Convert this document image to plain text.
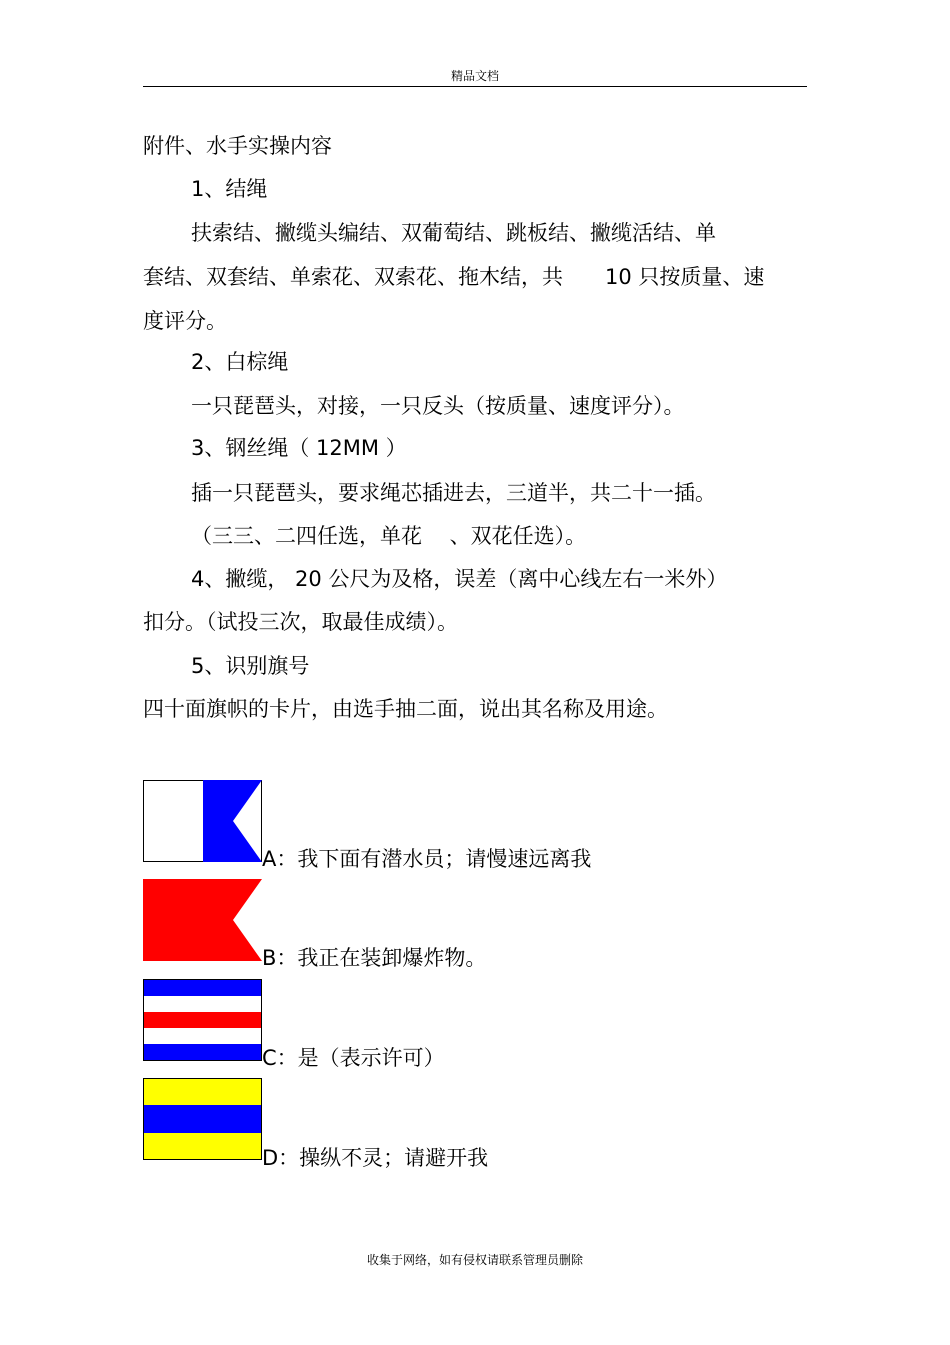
精品文档
附件、水手实操内容
1、结绳
扶索结、撇缆头编结、双葡萄结、跳板结、撇缆活结、单
套结、双套结、单索花、双索花、拖木结，共　　10 只按质量、速
度评分。
2、白棕绳
一只琵琶头，对接，一只反头（按质量、速度评分）。
3、钢丝绳（ 12MM ）
插一只琵琶头，要求绳芯插进去，三道半，共二十一插。
（三三、二四任选，单花　 、双花任选）。
4、撇缆， 20 公尺为及格，误差（离中心线左右一米外）
扣分。（试投三次，取最佳成绩）。
5、识别旗号
四十面旗帜的卡片，由选手抽二面，说出其名称及用途。
A：我下面有潜水员；请慢速远离我
B：我正在装卸爆炸物。
C：是（表示许可）
D：操纵不灵；请避开我
收集于网络，如有侵权请联系管理员删除
